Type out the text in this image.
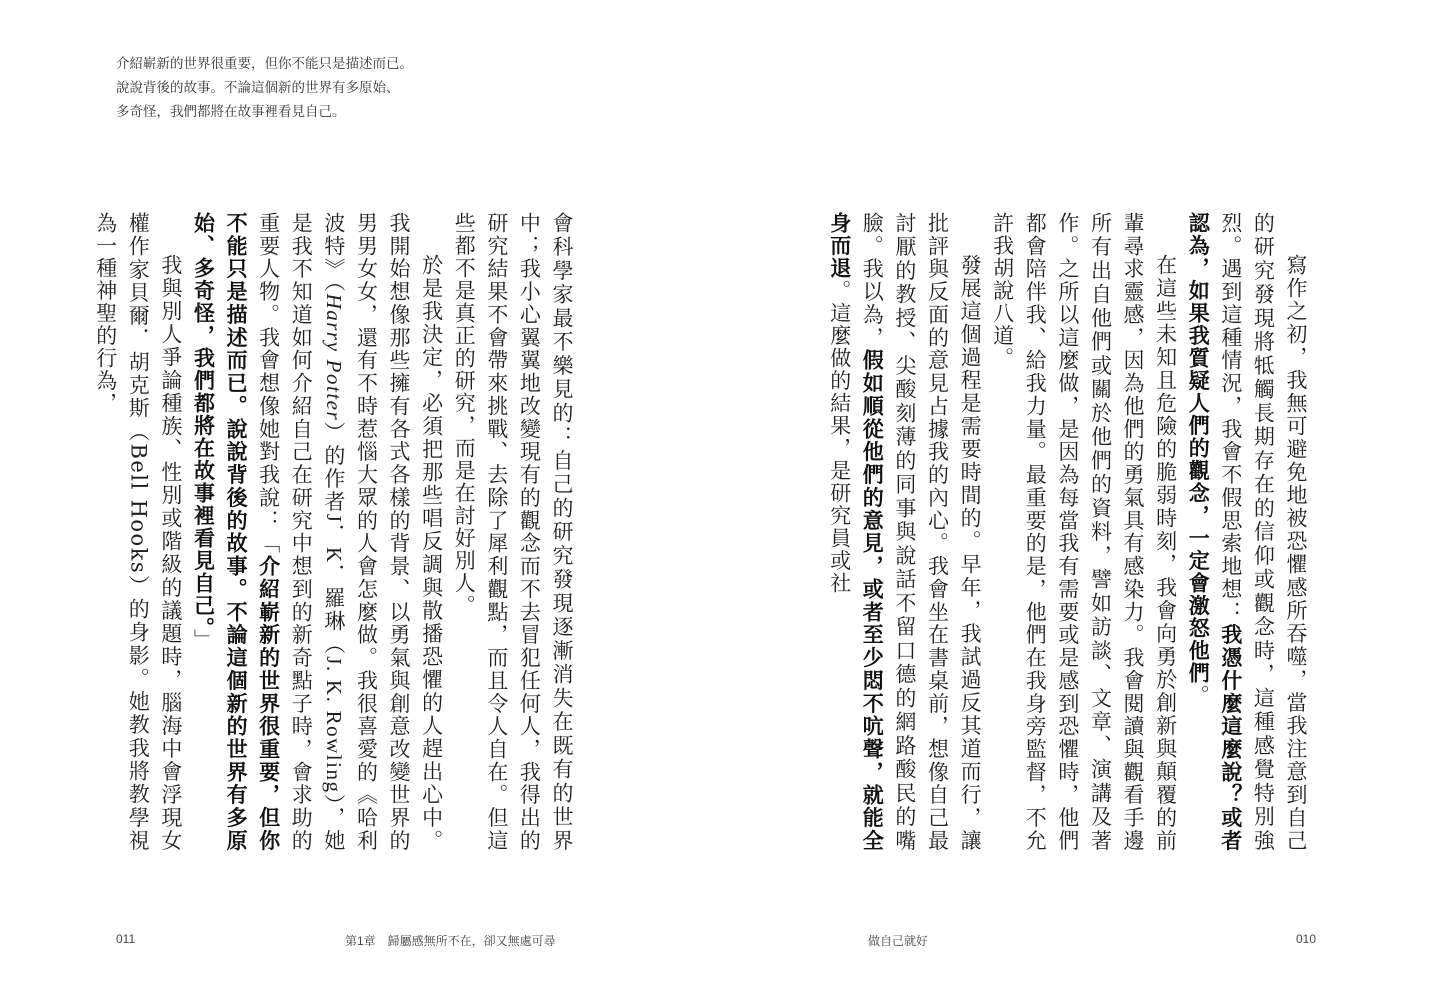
介紹嶄新的世界很重要，但你不能只是描述而已。
說說背後的故事。不論這個新的世界有多原始、
多奇怪，我們都將在故事裡看見自己。

寫作之初，我無可避免地被恐懼感所吞噬，當我注意到自己的研究發現將牴觸長期存在的信仰或觀念時，這種感覺特別強烈。遇到這種情況，我會不假思索地想：我憑什麼這麼說？或者認為，如果我質疑人們的觀念，一定會激怒他們。

在這些未知且危險的脆弱時刻，我會向勇於創新與顛覆的前輩尋求靈感，因為他們的勇氣具有感染力。我會閱讀與觀看手邊所有出自他們或關於他們的資料，譬如訪談、文章、演講及著作。之所以這麼做，是因為每當我有需要或是感到恐懼時，他們都會陪伴我、給我力量。最重要的是，他們在我身旁監督，不允許我胡說八道。

發展這個過程是需要時間的。早年，我試過反其道而行，讓批評與反面的意見占據我的內心。我會坐在書桌前，想像自己最討厭的教授、尖酸刻薄的同事與說話不留口德的網路酸民的嘴臉。我以為，假如順從他們的意見，或者至少悶不吭聲，就能全身而退。這麼做的結果，是研究員或社

會科學家最不樂見的：自己的研究發現逐漸消失在既有的世界中；我小心翼翼地改變現有的觀念而不去冒犯任何人，我得出的研究結果不會帶來挑戰、去除了犀利觀點，而且令人自在。但這些都不是真正的研究，而是在討好別人。

於是我決定，必須把那些唱反調與散播恐懼的人趕出心中。我開始想像那些擁有各式各樣的背景、以勇氣與創意改變世界的男男女女，還有不時惹惱大眾的人會怎麼做。我很喜愛的《哈利波特》（Harry Potter）的作者J．K．羅琳（J. K. Rowling），她是我不知道如何介紹自己在研究中想到的新奇點子時，會求助的重要人物。我會想像她對我說：「介紹嶄新的世界很重要，但你不能只是描述而已。說說背後的故事。不論這個新的世界有多原始、多奇怪，我們都將在故事裡看見自己。」

我與別人爭論種族、性別或階級的議題時，腦海中會浮現女權作家貝爾．胡克斯（Bell Hooks）的身影。她教我將教學視為一種神聖的行為，

011	第1章　歸屬感無所不在，卻又無處可尋	做自己就好	010
